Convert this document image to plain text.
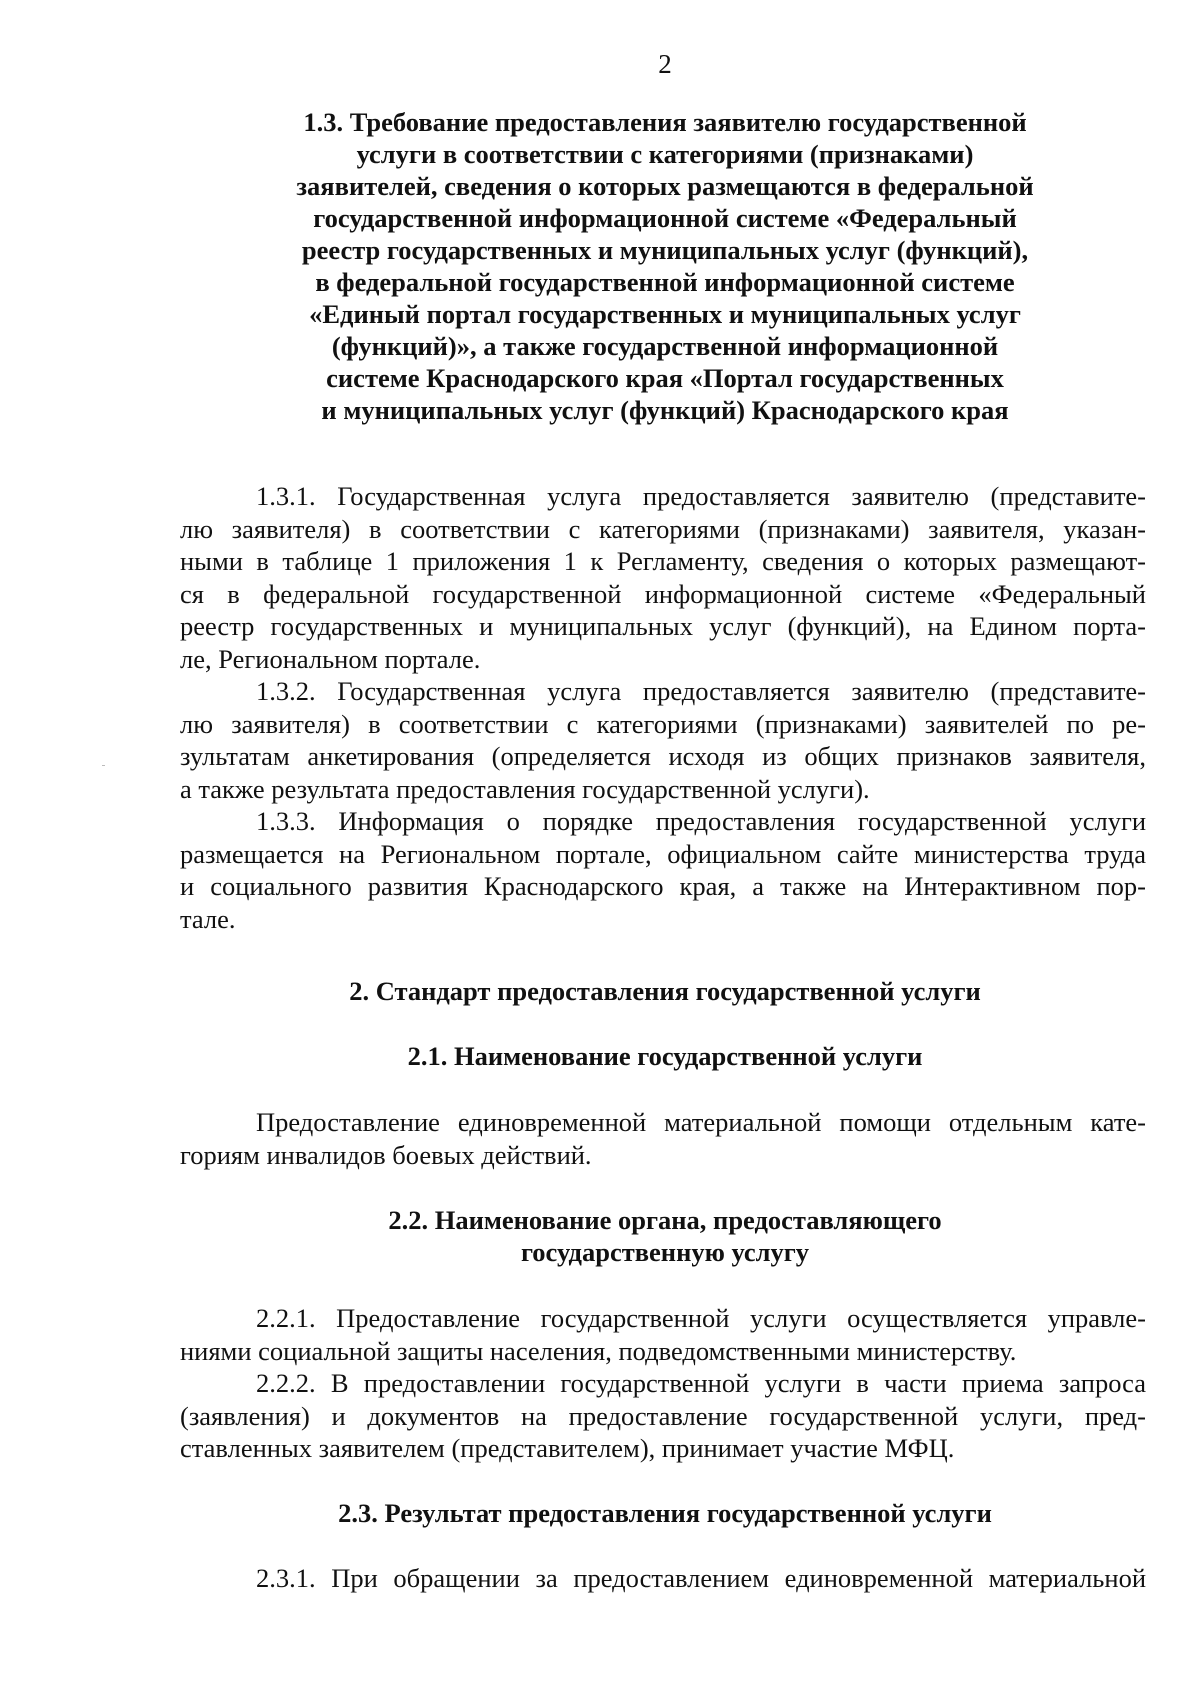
2
1.3. Требование предоставления заявителю государственной
услуги в соответствии с категориями (признаками)
заявителей, сведения о которых размещаются в федеральной
государственной информационной системе «Федеральный
реестр государственных и муниципальных услуг (функций),
в федеральной государственной информационной системе
«Единый портал государственных и муниципальных услуг
(функций)», а также государственной информационной
системе Краснодарского края «Портал государственных
и муниципальных услуг (функций) Краснодарского края
1.3.1. Государственная услуга предоставляется заявителю (представите-
лю заявителя) в соответствии с категориями (признаками) заявителя, указан-
ными в таблице 1 приложения 1 к Регламенту, сведения о которых размещают-
ся в федеральной государственной информационной системе «Федеральный
реестр государственных и муниципальных услуг (функций), на Едином порта-
ле, Региональном портале.
1.3.2. Государственная услуга предоставляется заявителю (представите-
лю заявителя) в соответствии с категориями (признаками) заявителей по ре-
зультатам анкетирования (определяется исходя из общих признаков заявителя,
а также результата предоставления государственной услуги).
1.3.3. Информация о порядке предоставления государственной услуги
размещается на Региональном портале, официальном сайте министерства труда
и социального развития Краснодарского края, а также на Интерактивном пор-
тале.
2. Стандарт предоставления государственной услуги
2.1. Наименование государственной услуги
Предоставление единовременной материальной помощи отдельным кате-
гориям инвалидов боевых действий.
2.2. Наименование органа, предоставляющего
государственную услугу
2.2.1. Предоставление государственной услуги осуществляется управле-
ниями социальной защиты населения, подведомственными министерству.
2.2.2. В предоставлении государственной услуги в части приема запроса
(заявления) и документов на предоставление государственной услуги, пред-
ставленных заявителем (представителем), принимает участие МФЦ.
2.3. Результат предоставления государственной услуги
2.3.1. При обращении за предоставлением единовременной материальной
